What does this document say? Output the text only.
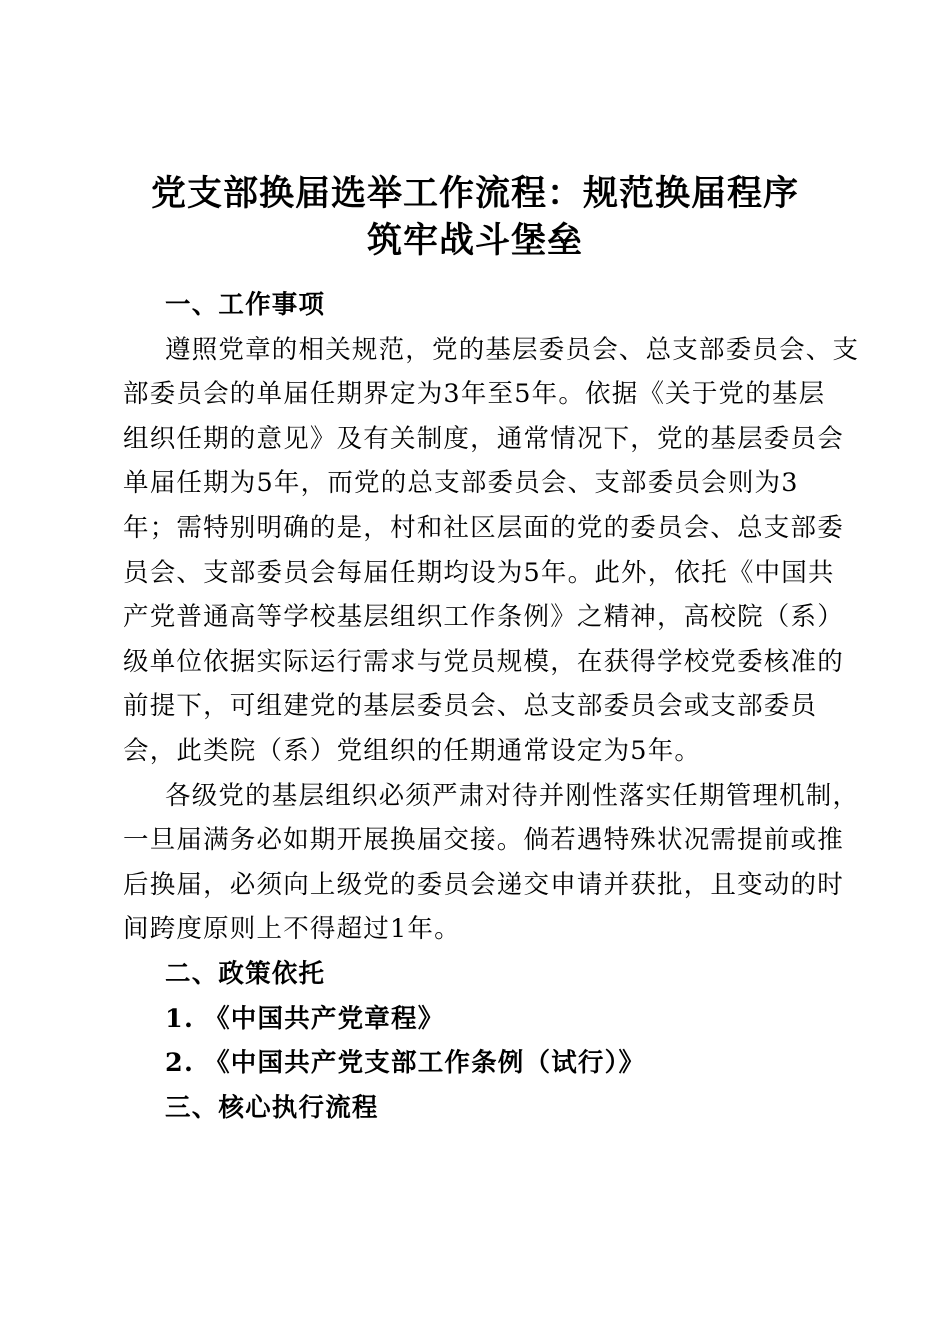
党支部换届选举工作流程：规范换届程序
筑牢战斗堡垒
一、工作事项
遵照党章的相关规范，党的基层委员会、总支部委员会、支
部委员会的单届任期界定为3年至5年。依据《关于党的基层
组织任期的意见》及有关制度，通常情况下，党的基层委员会
单届任期为5年，而党的总支部委员会、支部委员会则为3
年；需特别明确的是，村和社区层面的党的委员会、总支部委
员会、支部委员会每届任期均设为5年。此外，依托《中国共
产党普通高等学校基层组织工作条例》之精神，高校院（系）
级单位依据实际运行需求与党员规模，在获得学校党委核准的
前提下，可组建党的基层委员会、总支部委员会或支部委员
会，此类院（系）党组织的任期通常设定为5年。
各级党的基层组织必须严肃对待并刚性落实任期管理机制，
一旦届满务必如期开展换届交接。倘若遇特殊状况需提前或推
后换届，必须向上级党的委员会递交申请并获批，且变动的时
间跨度原则上不得超过1年。
二、政策依托
1. 《中国共产党章程》
2. 《中国共产党支部工作条例（试行）》
三、核心执行流程
